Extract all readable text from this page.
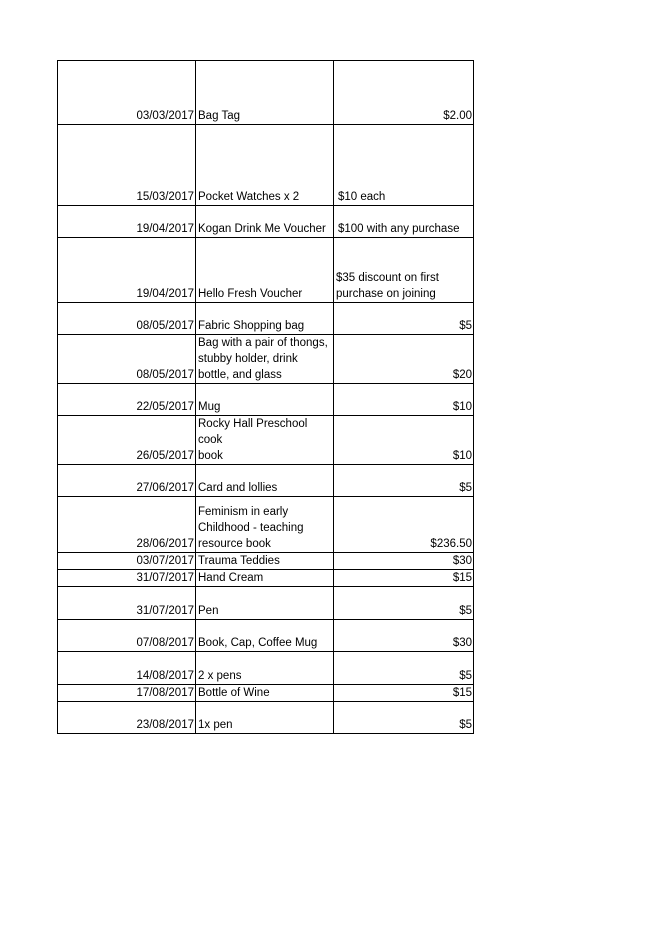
03/03/2017	Bag Tag	$2.00
15/03/2017	Pocket Watches x 2	$10 each
19/04/2017	Kogan Drink Me Voucher	$100 with any purchase
19/04/2017	Hello Fresh Voucher	$35 discount on first
purchase on joining
08/05/2017	Fabric Shopping bag	$5
08/05/2017	Bag with a pair of thongs,
stubby holder, drink
bottle, and glass	$20
22/05/2017	Mug	$10
26/05/2017	Rocky Hall Preschool cook
book	$10
27/06/2017	Card and lollies	$5
28/06/2017	Feminism in early
Childhood - teaching
resource book	$236.50
03/07/2017	Trauma Teddies	$30
31/07/2017	Hand Cream	$15
31/07/2017	Pen	$5
07/08/2017	Book, Cap, Coffee Mug	$30
14/08/2017	2 x pens	$5
17/08/2017	Bottle of Wine	$15
23/08/2017	1x pen	$5
